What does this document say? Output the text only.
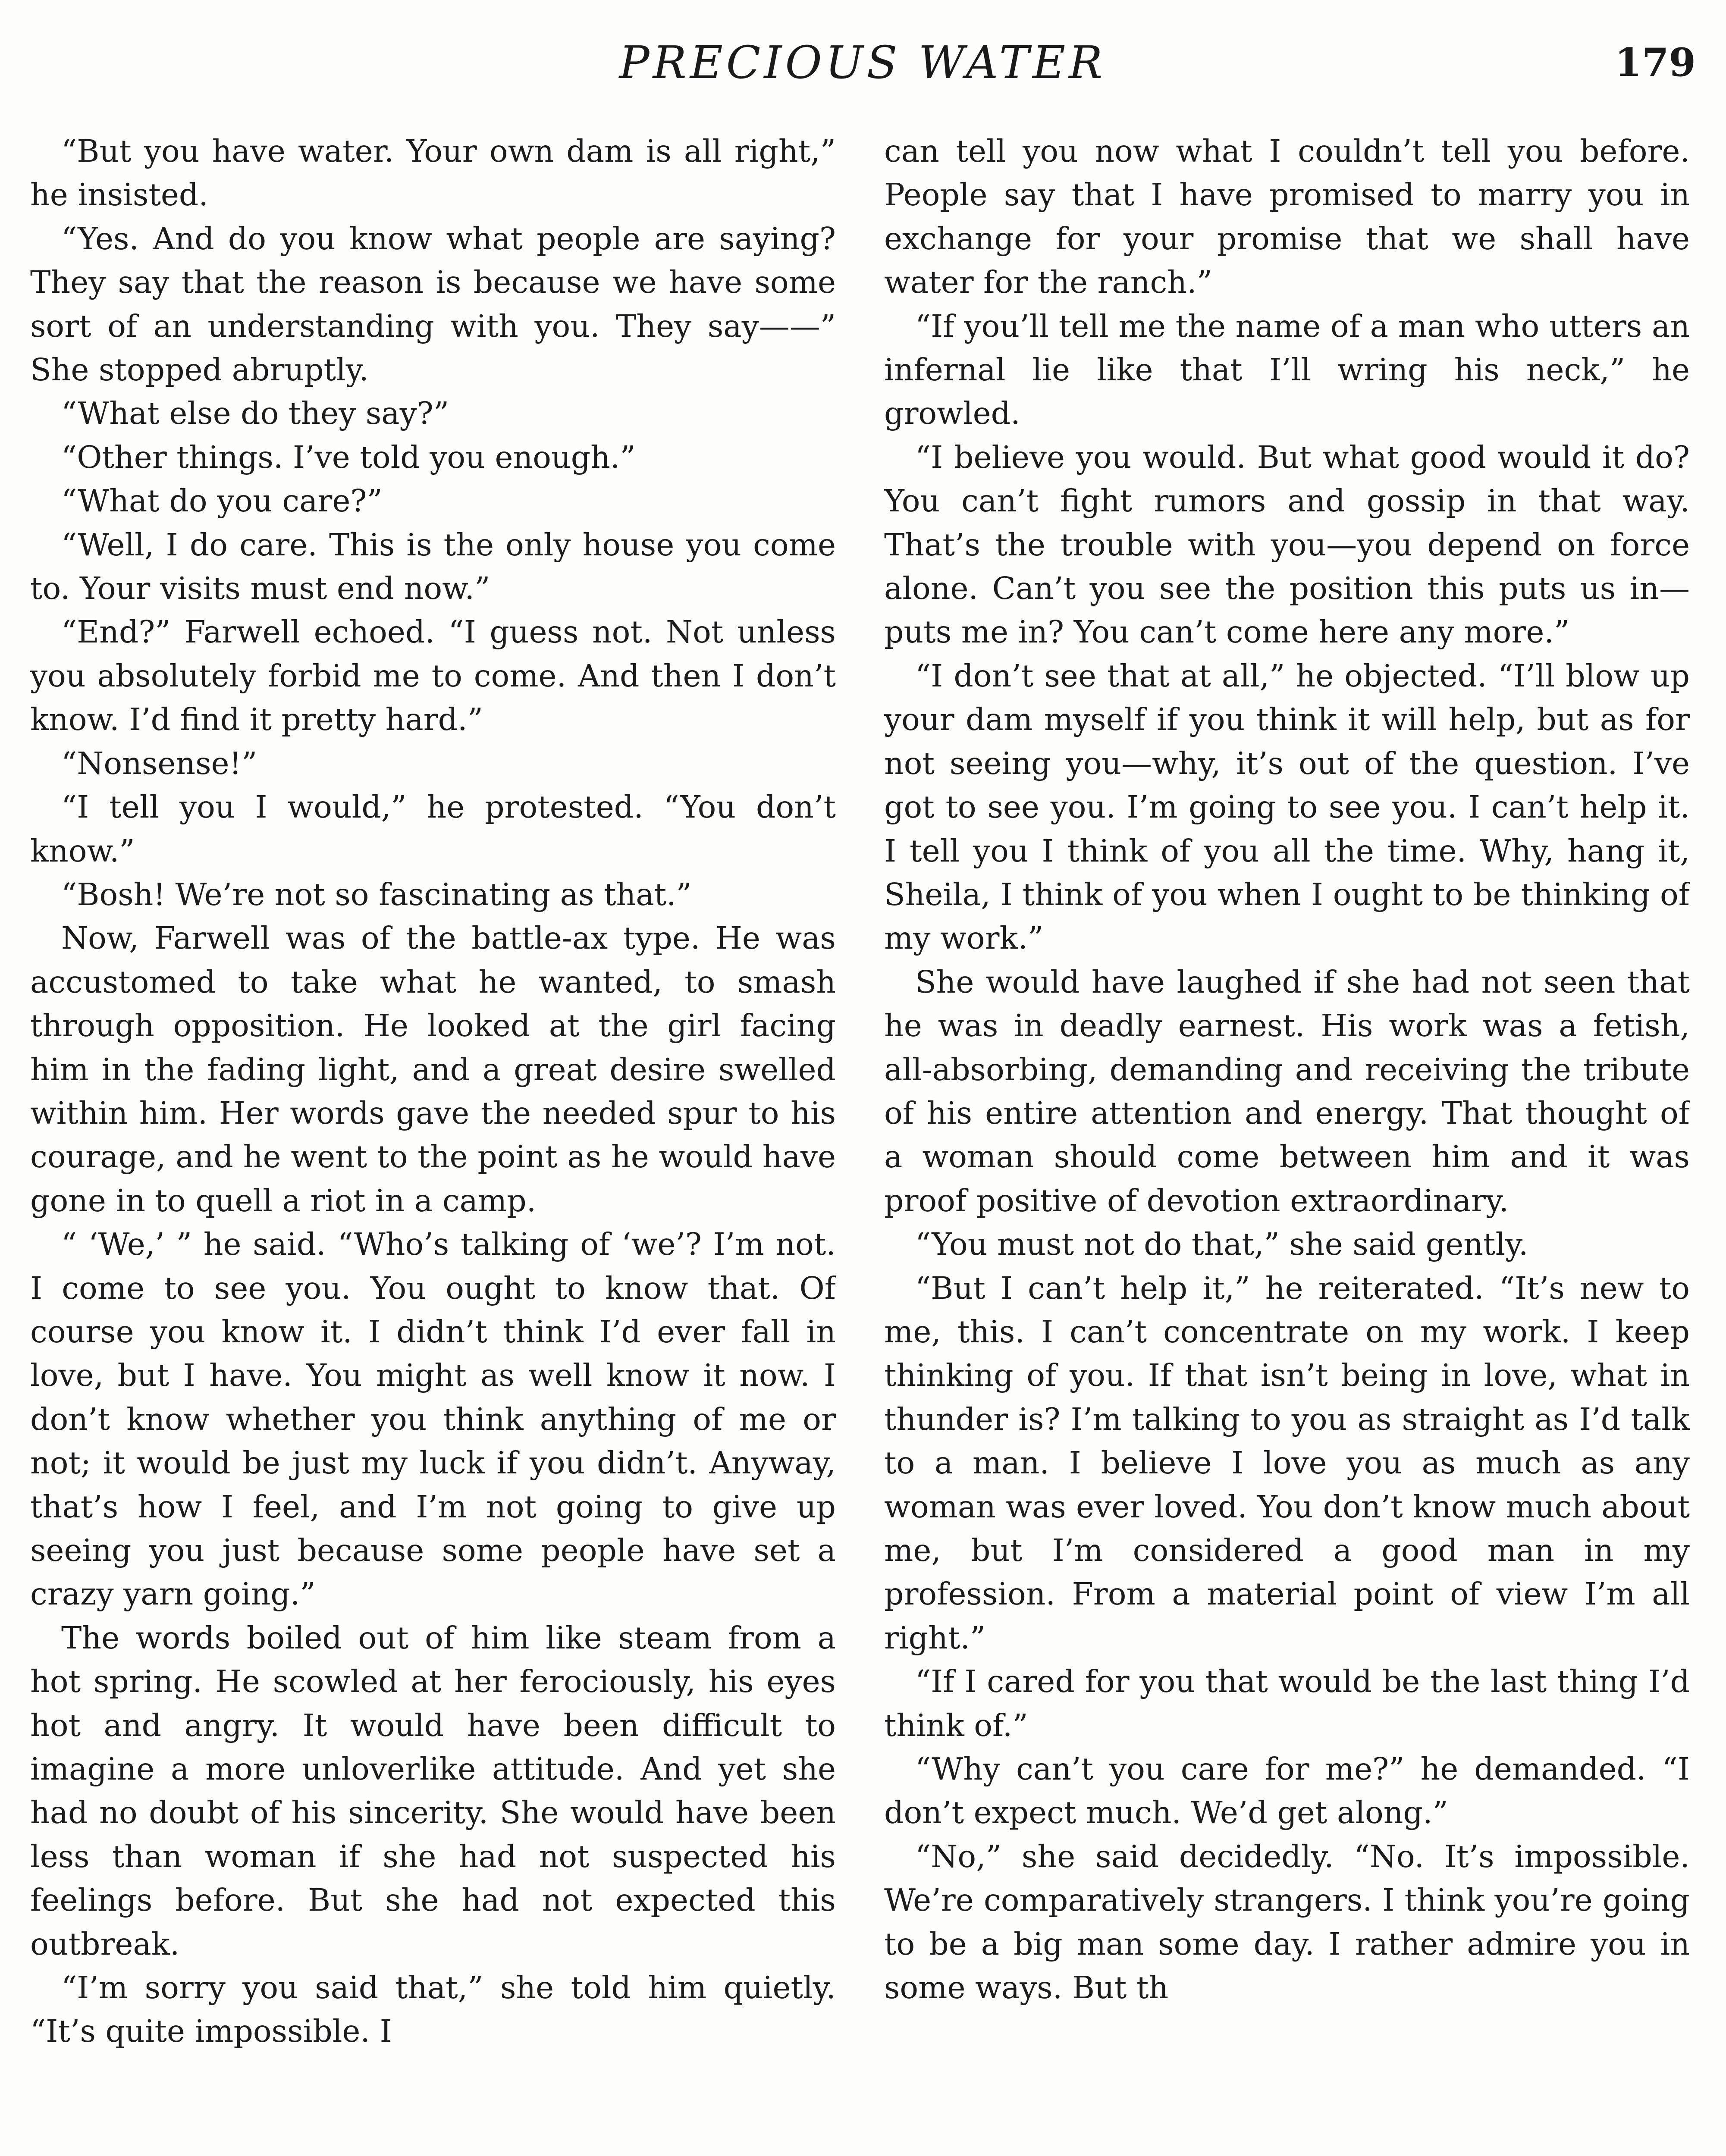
PRECIOUS WATER	179

“But you have water. Your own dam is all right,” he insisted.

“Yes. And do you know what people are saying? They say that the reason is because we have some sort of an understanding with you. They say——” She stopped abruptly.

“What else do they say?”

“Other things. I’ve told you enough.”

“What do you care?”

“Well, I do care. This is the only house you come to. Your visits must end now.”

“End?” Farwell echoed. “I guess not. Not unless you absolutely forbid me to come. And then I don’t know. I’d find it pretty hard.”

“Nonsense!”

“I tell you I would,” he protested. “You don’t know.”

“Bosh! We’re not so fascinating as that.”

Now, Farwell was of the battle-ax type. He was accustomed to take what he wanted, to smash through opposition. He looked at the girl facing him in the fading light, and a great desire swelled within him. Her words gave the needed spur to his courage, and he went to the point as he would have gone in to quell a riot in a camp.

“ ‘We,’ ” he said. “Who’s talking of ‘we’? I’m not. I come to see you. You ought to know that. Of course you know it. I didn’t think I’d ever fall in love, but I have. You might as well know it now. I don’t know whether you think anything of me or not; it would be just my luck if you didn’t. Anyway, that’s how I feel, and I’m not going to give up seeing you just because some people have set a crazy yarn going.”

The words boiled out of him like steam from a hot spring. He scowled at her ferociously, his eyes hot and angry. It would have been difficult to imagine a more unloverlike attitude. And yet she had no doubt of his sincerity. She would have been less than woman if she had not suspected his feelings before. But she had not expected this outbreak.

“I’m sorry you said that,” she told him quietly. “It’s quite impossible. I

can tell you now what I couldn’t tell you before. People say that I have promised to marry you in exchange for your promise that we shall have water for the ranch.”

“If you’ll tell me the name of a man who utters an infernal lie like that I’ll wring his neck,” he growled.

“I believe you would. But what good would it do? You can’t fight rumors and gossip in that way. That’s the trouble with you—you depend on force alone. Can’t you see the position this puts us in—puts me in? You can’t come here any more.”

“I don’t see that at all,” he objected. “I’ll blow up your dam myself if you think it will help, but as for not seeing you—why, it’s out of the question. I’ve got to see you. I’m going to see you. I can’t help it. I tell you I think of you all the time. Why, hang it, Sheila, I think of you when I ought to be thinking of my work.”

She would have laughed if she had not seen that he was in deadly earnest. His work was a fetish, all-absorbing, demanding and receiving the tribute of his entire attention and energy. That thought of a woman should come between him and it was proof positive of devotion extraordinary.

“You must not do that,” she said gently.

“But I can’t help it,” he reiterated. “It’s new to me, this. I can’t concentrate on my work. I keep thinking of you. If that isn’t being in love, what in thunder is? I’m talking to you as straight as I’d talk to a man. I believe I love you as much as any woman was ever loved. You don’t know much about me, but I’m considered a good man in my profession. From a material point of view I’m all right.”

“If I cared for you that would be the last thing I’d think of.”

“Why can’t you care for me?” he demanded. “I don’t expect much. We’d get along.”

“No,” she said decidedly. “No. It’s impossible. We’re comparatively strangers. I think you’re going to be a big man some day. I rather admire you in some ways. But th
